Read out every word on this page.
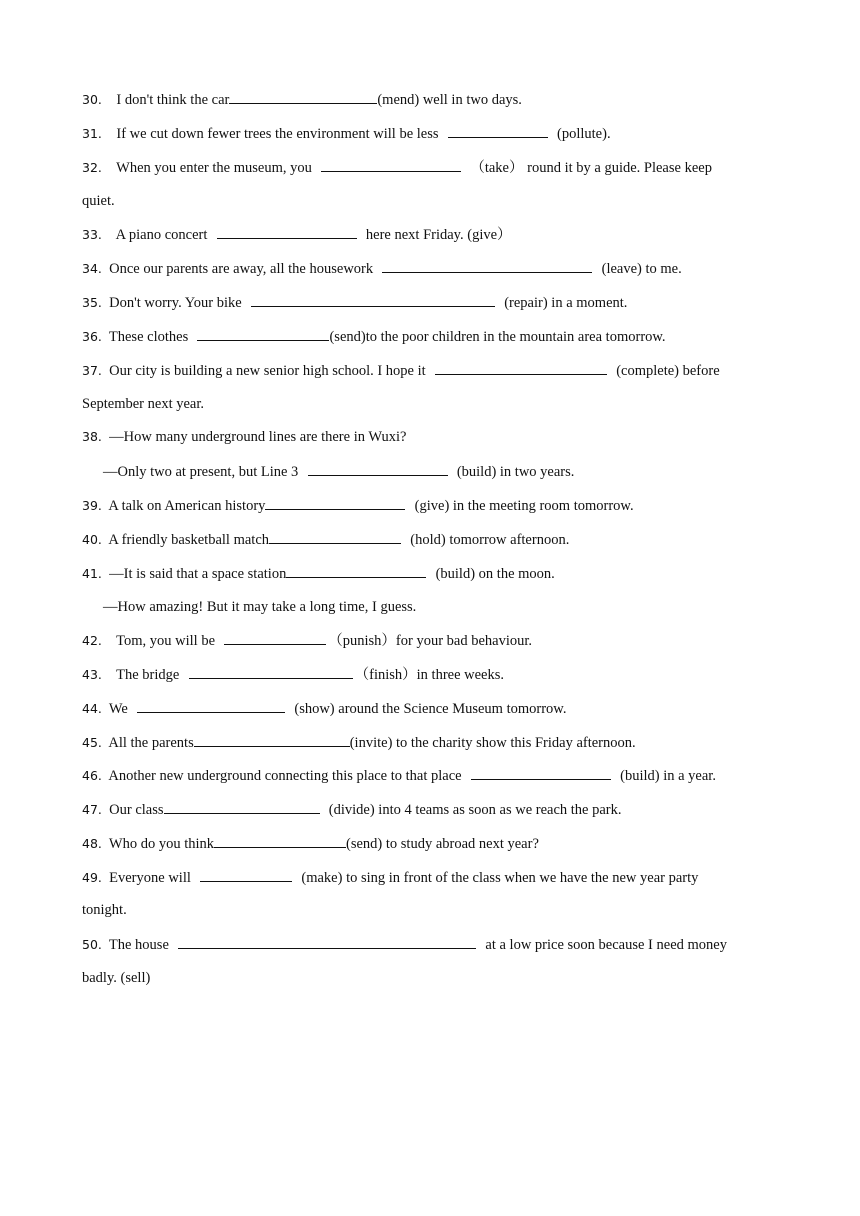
30. I don't think the car	(mend) well in two days.
31. If we cut down fewer trees the environment will be less	(pollute).
32. When you enter the museum, you	（take） round it by a guide. Please keep
quiet.
33. A piano concert	here next Friday. (give）
34. Once our parents are away, all the housework	(leave) to me.
35. Don't worry. Your bike	(repair) in a moment.
36. These clothes	(send)to the poor children in the mountain area tomorrow.
37. Our city is building a new senior high school. I hope it	(complete) before
September next year.
38. —How many underground lines are there in Wuxi?
—Only two at present, but Line 3	(build) in two years.
39. A talk on American history	(give) in the meeting room tomorrow.
40. A friendly basketball match	(hold) tomorrow afternoon.
41. —It is said that a space station	(build) on the moon.
—How amazing! But it may take a long time, I guess.
42. Tom, you will be	（punish）for your bad behaviour.
43. The bridge	（finish）in three weeks.
44. We	(show) around the Science Museum tomorrow.
45. All the parents	(invite) to the charity show this Friday afternoon.
46. Another new underground connecting this place to that place	(build) in a year.
47. Our class	(divide) into 4 teams as soon as we reach the park.
48. Who do you think	(send) to study abroad next year?
49. Everyone will	(make) to sing in front of the class when we have the new year party
tonight.
50. The house	at a low price soon because I need money
badly. (sell)
